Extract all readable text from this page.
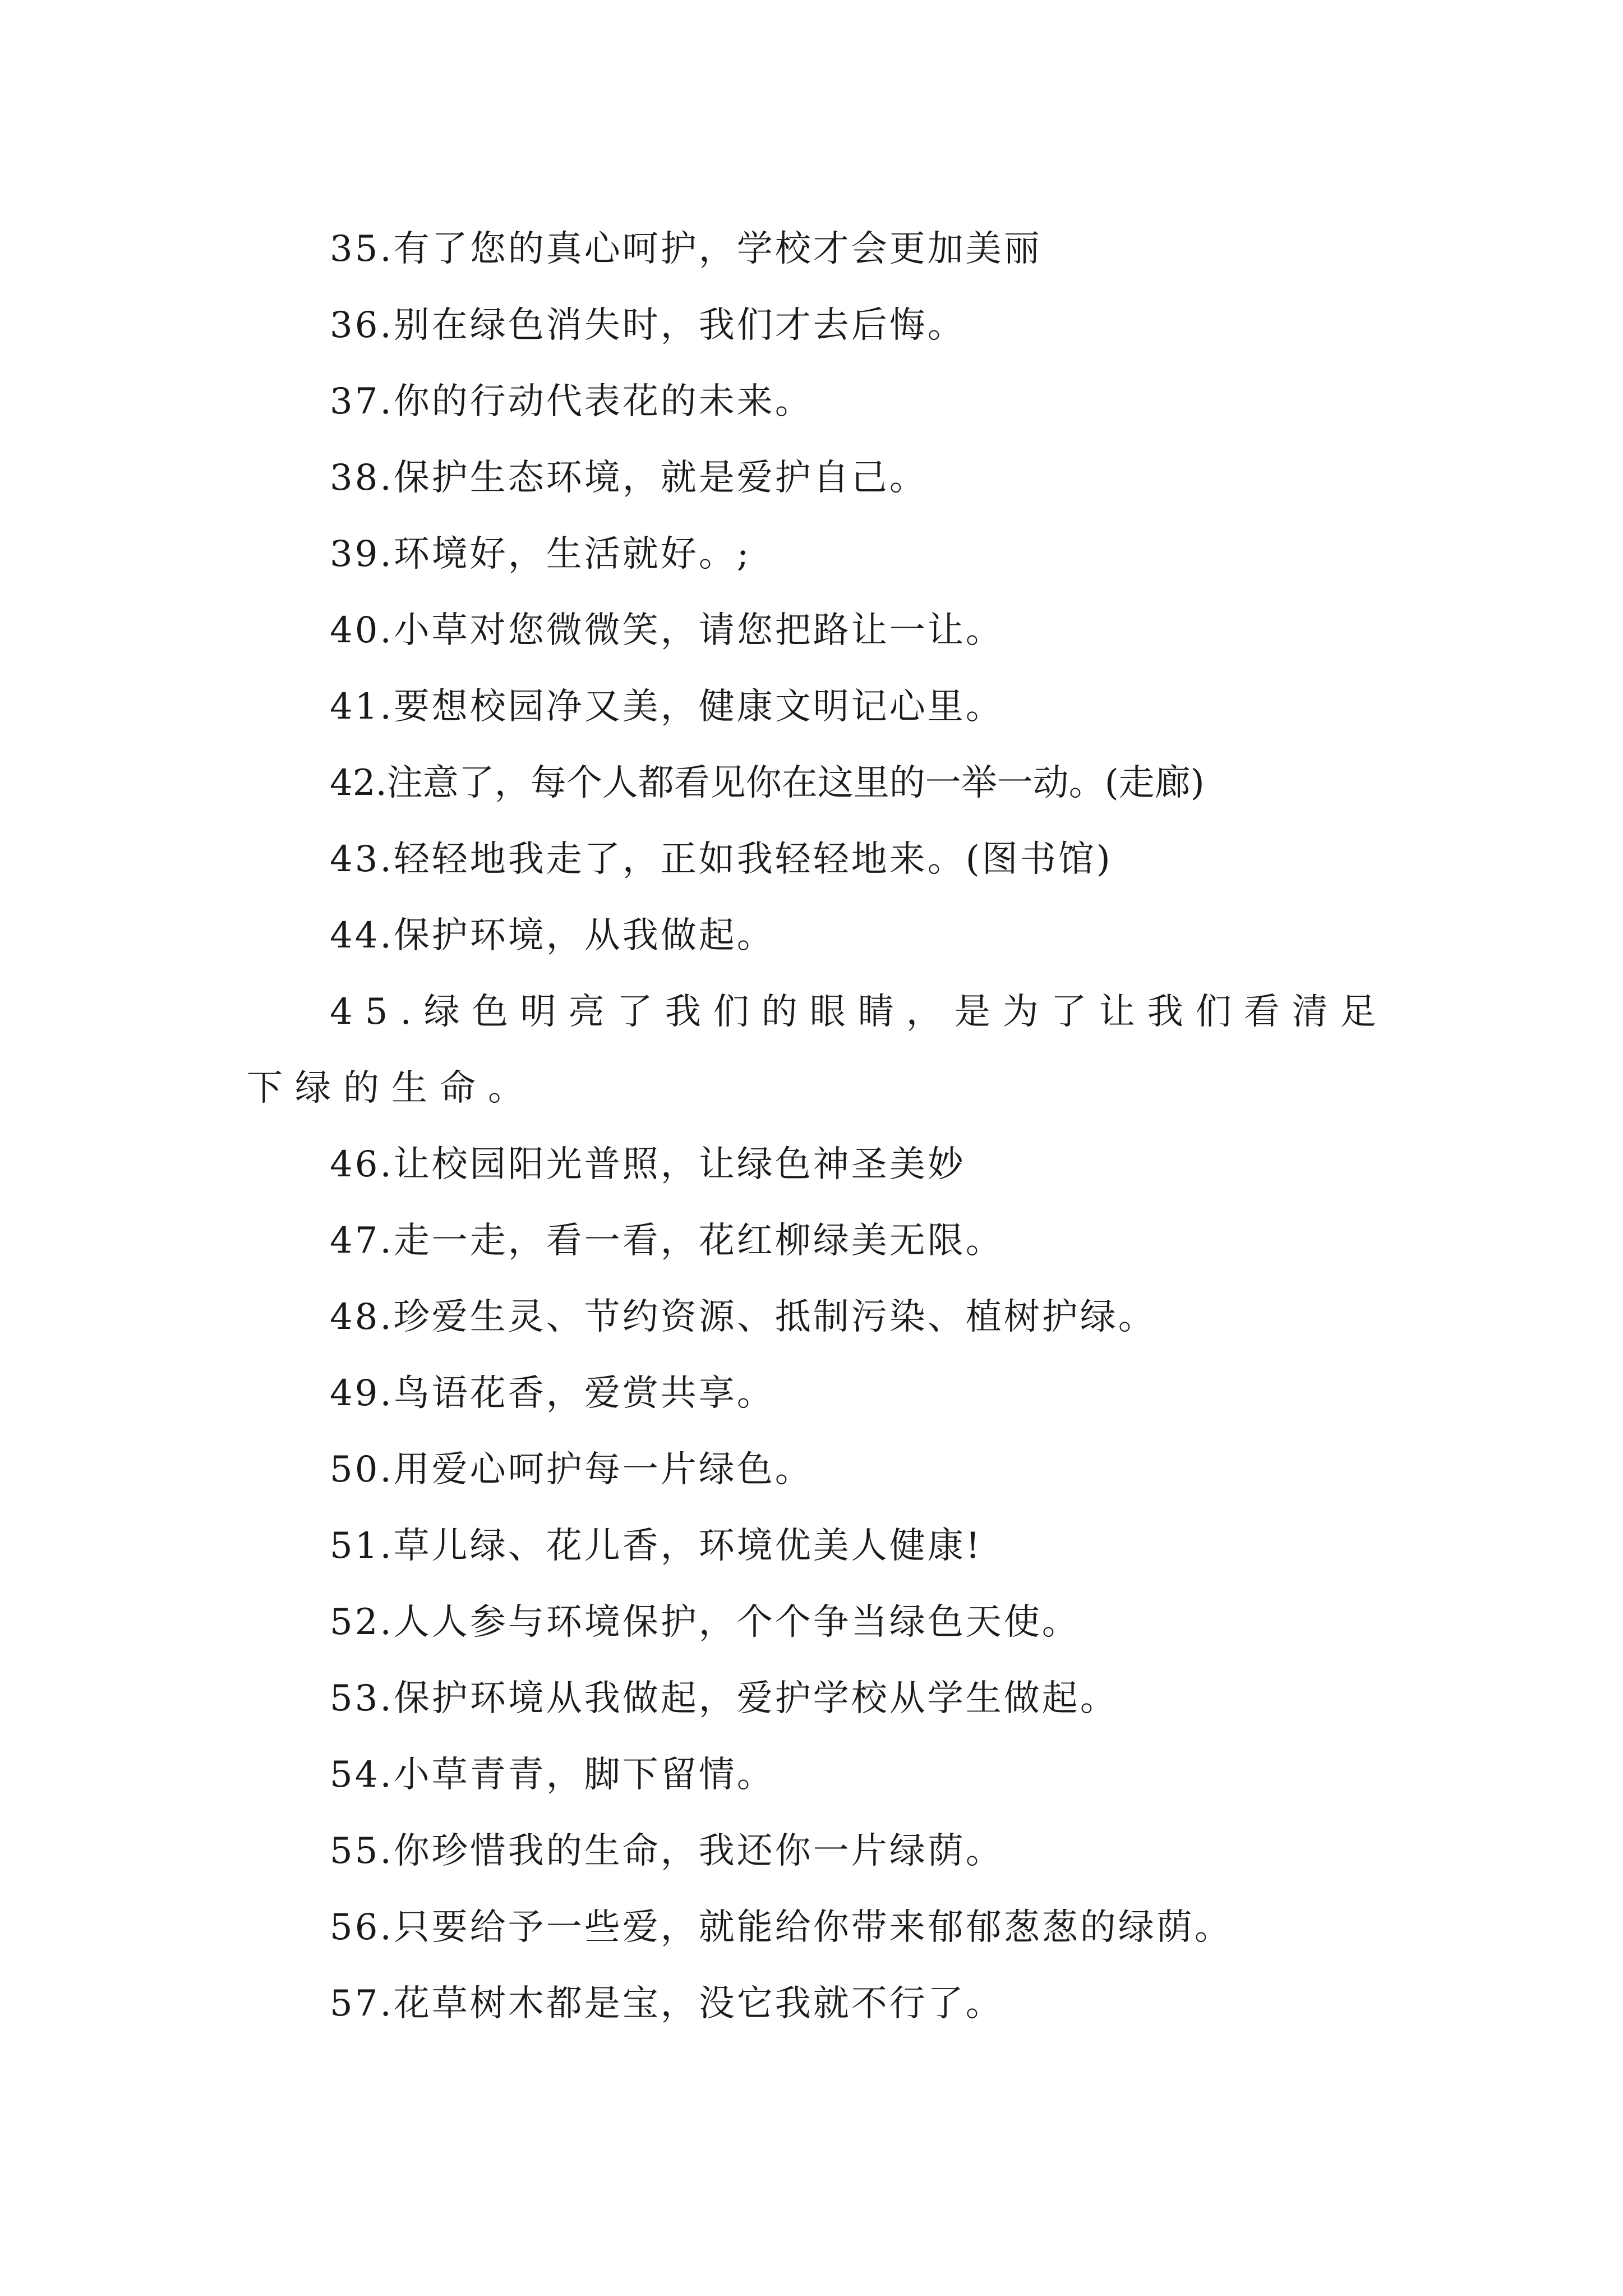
35.有了您的真心呵护，学校才会更加美丽
36.别在绿色消失时，我们才去后悔。
37.你的行动代表花的未来。
38.保护生态环境，就是爱护自己。
39.环境好，生活就好。;
40.小草对您微微笑，请您把路让一让。
41.要想校园净又美，健康文明记心里。
42.注意了，每个人都看见你在这里的一举一动。(走廊)
43.轻轻地我走了，正如我轻轻地来。(图书馆)
44.保护环境，从我做起。
45.绿色明亮了我们的眼睛，是为了让我们看清足下绿的生命。
46.让校园阳光普照，让绿色神圣美妙
47.走一走，看一看，花红柳绿美无限。
48.珍爱生灵、节约资源、抵制污染、植树护绿。
49.鸟语花香，爱赏共享。
50.用爱心呵护每一片绿色。
51.草儿绿、花儿香，环境优美人健康!
52.人人参与环境保护，个个争当绿色天使。
53.保护环境从我做起，爱护学校从学生做起。
54.小草青青，脚下留情。
55.你珍惜我的生命，我还你一片绿荫。
56.只要给予一些爱，就能给你带来郁郁葱葱的绿荫。
57.花草树木都是宝，没它我就不行了。
